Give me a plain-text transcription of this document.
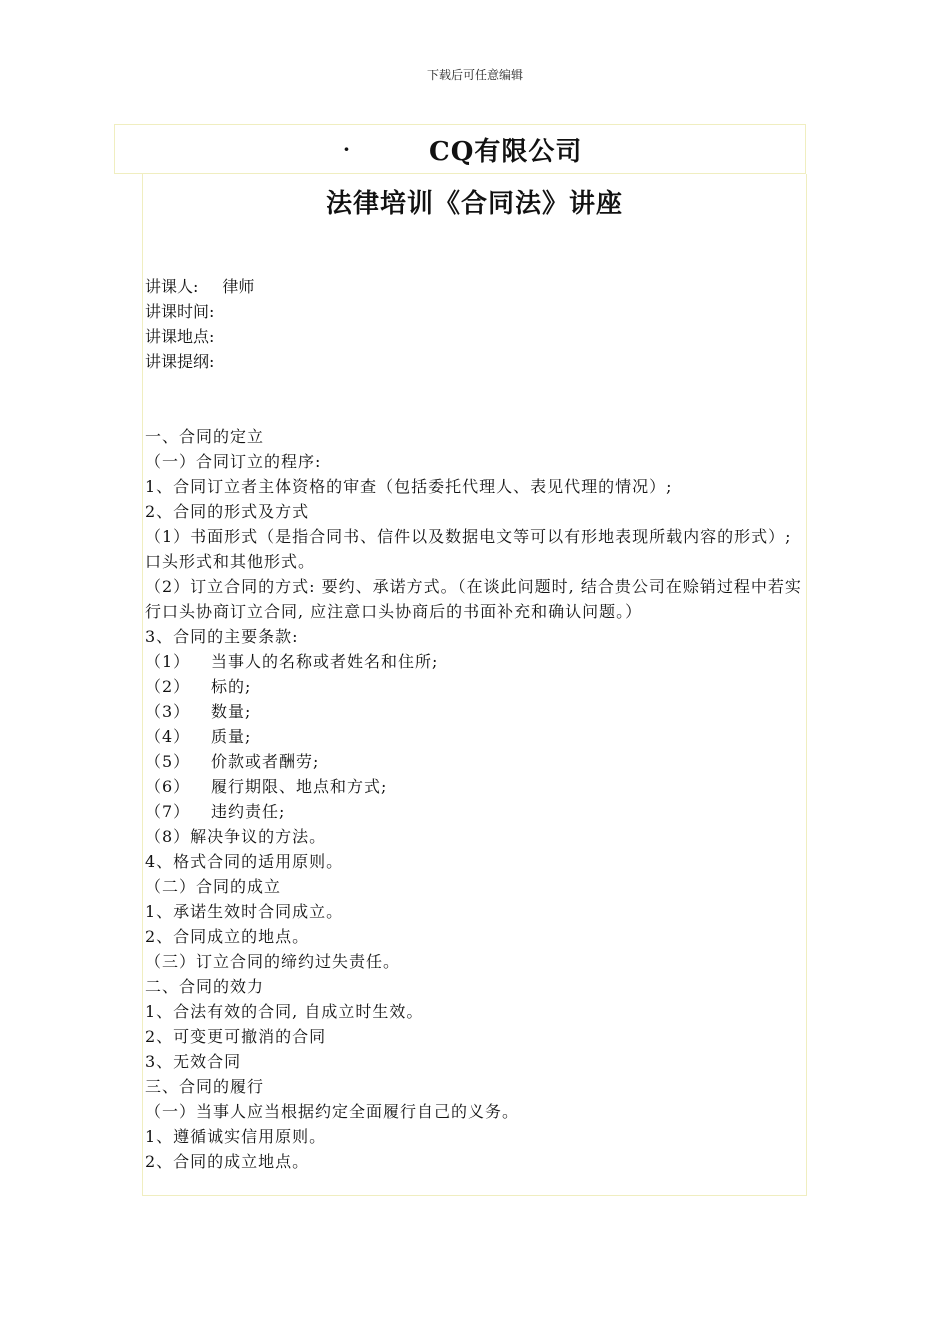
下载后可任意编辑
·	CQ有限公司
法律培训《合同法》讲座
讲课人: 律师
讲课时间:
讲课地点:
讲课提纲:
一、合同的定立
（一）合同订立的程序:
1、合同订立者主体资格的审查（包括委托代理人、表见代理的情况）;
2、合同的形式及方式
（1）书面形式（是指合同书、信件以及数据电文等可以有形地表现所载内容的形式）; 口头形式和其他形式。
（2）订立合同的方式: 要约、承诺方式。（在谈此问题时, 结合贵公司在赊销过程中若实行口头协商订立合同, 应注意口头协商后的书面补充和确认问题。）
3、合同的主要条款:
（1） 当事人的名称或者姓名和住所;
（2） 标的;
（3） 数量;
（4） 质量;
（5） 价款或者酬劳;
（6） 履行期限、地点和方式;
（7） 违约责任;
（8）解决争议的方法。
4、格式合同的适用原则。
（二）合同的成立
1、承诺生效时合同成立。
2、合同成立的地点。
（三）订立合同的缔约过失责任。
二、合同的效力
1、合法有效的合同, 自成立时生效。
2、可变更可撤消的合同
3、无效合同
三、合同的履行
（一）当事人应当根据约定全面履行自己的义务。
1、遵循诚实信用原则。
2、合同的成立地点。
